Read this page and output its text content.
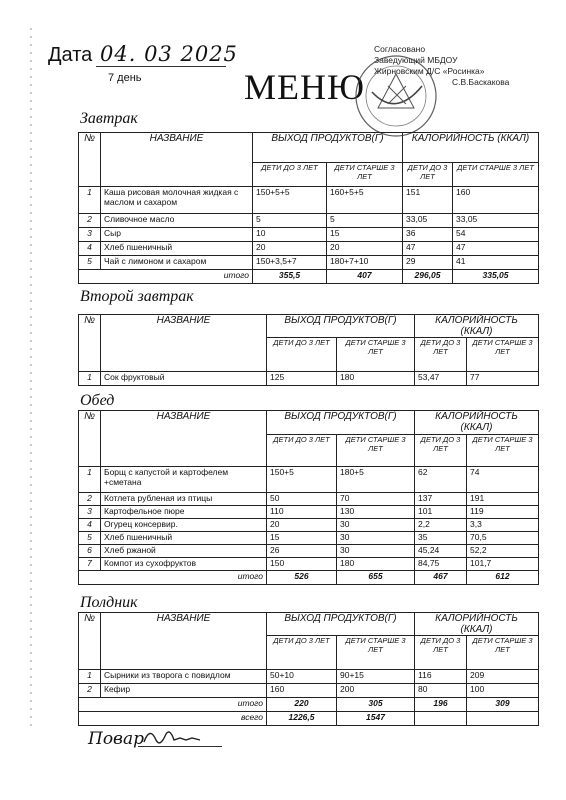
Дата 04. 03 2025
7 день	МЕНЮ
Согласовано
Заведующий МБДОУ
Жирновским Д/С «Росинка»
С.В.Баскакова
Завтрак
№	НАЗВАНИЕ	ВЫХОД ПРОДУКТОВ(Г)		КАЛОРИЙНОСТЬ (ККАЛ)	
		ДЕТИ ДО 3 ЛЕТ	ДЕТИ СТАРШЕ 3 ЛЕТ	ДЕТИ ДО 3 ЛЕТ	ДЕТИ СТАРШЕ 3 ЛЕТ
1	Каша рисовая молочная жидкая с маслом и сахаром	150+5+5	160+5+5	151	160
2	Сливочное масло	5	5	33,05	33,05
3	Сыр	10	15	36	54
4	Хлеб пшеничный	20	20	47	47
5	Чай с лимоном и сахаром	150+3,5+7	180+7+10	29	41
итого		355,5	407	296,05	335,05
Второй завтрак
№	НАЗВАНИЕ	ВЫХОД ПРОДУКТОВ(Г)		КАЛОРИЙНОСТЬ (ККАЛ)	
		ДЕТИ ДО 3 ЛЕТ	ДЕТИ СТАРШЕ 3 ЛЕТ	ДЕТИ ДО 3 ЛЕТ	ДЕТИ СТАРШЕ 3 ЛЕТ
1	Сок фруктовый	125	180	53,47	77
Обед
№	НАЗВАНИЕ	ВЫХОД ПРОДУКТОВ(Г)		КАЛОРИЙНОСТЬ (ККАЛ)	
		ДЕТИ ДО 3 ЛЕТ	ДЕТИ СТАРШЕ 3 ЛЕТ	ДЕТИ ДО 3 ЛЕТ	ДЕТИ СТАРШЕ 3 ЛЕТ
1	Борщ с капустой и картофелем +сметана	150+5	180+5	62	74
2	Котлета рубленая из птицы	50	70	137	191
3	Картофельное пюре	110	130	101	119
4	Огурец консервир.	20	30	2,2	3,3
5	Хлеб пшеничный	15	30	35	70,5
6	Хлеб ржаной	26	30	45,24	52,2
7	Компот из сухофруктов	150	180	84,75	101,7
итого		526	655	467	612
Полдник
№	НАЗВАНИЕ	ВЫХОД ПРОДУКТОВ(Г)		КАЛОРИЙНОСТЬ (ККАЛ)	
		ДЕТИ ДО 3 ЛЕТ	ДЕТИ СТАРШЕ 3 ЛЕТ	ДЕТИ ДО 3 ЛЕТ	ДЕТИ СТАРШЕ 3 ЛЕТ
1	Сырники из творога с повидлом	50+10	90+15	116	209
2	Кефир	160	200	80	100
итого		220	305	196	309
всего		1226,5	1547		
Повар
